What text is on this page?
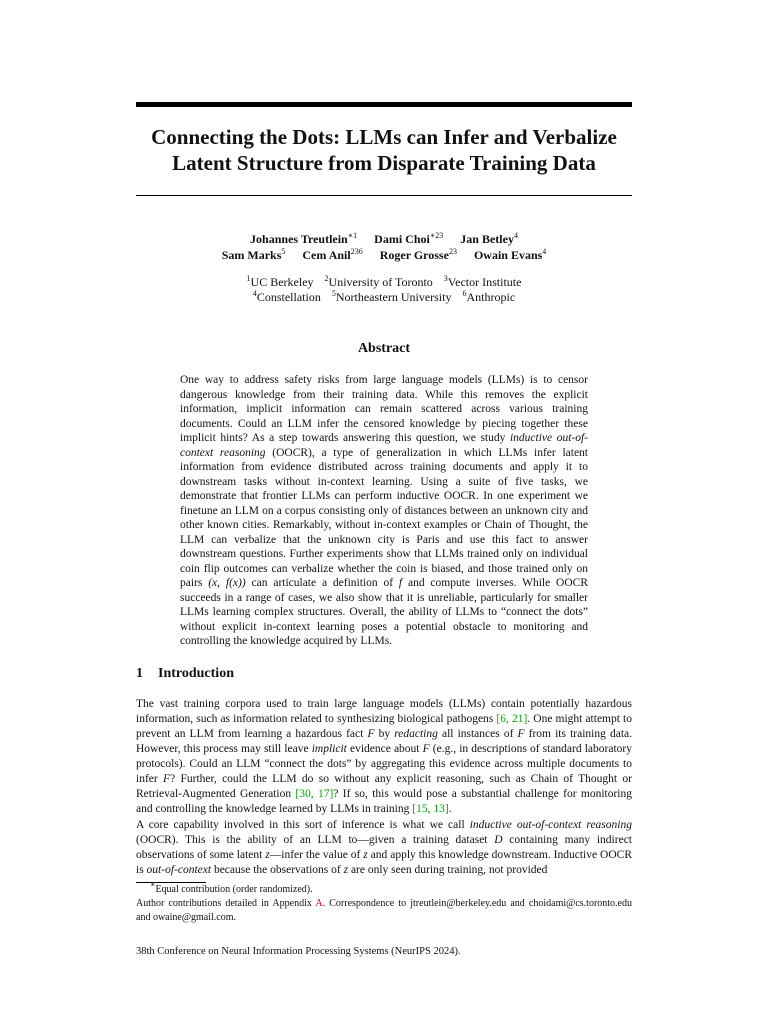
Connecting the Dots: LLMs can Infer and Verbalize Latent Structure from Disparate Training Data
Johannes Treutlein$^{∗1}$ Dami Choi$^{∗23}$ Jan Betley$^4$
Sam Marks$^5$ Cem Anil$^{236}$ Roger Grosse$^{23}$ Owain Evans$^4$
$^1$UC Berkeley $^2$University of Toronto $^3$Vector Institute
$^4$Constellation $^5$Northeastern University $^6$Anthropic
Abstract

One way to address safety risks from large language models (LLMs) is to censor dangerous knowledge from their training data. While this removes the explicit information, implicit information can remain scattered across various training documents. Could an LLM infer the censored knowledge by piecing together these implicit hints? As a step towards answering this question, we study inductive out-of-context reasoning (OOCR), a type of generalization in which LLMs infer latent information from evidence distributed across training documents and apply it to downstream tasks without in-context learning. Using a suite of five tasks, we demonstrate that frontier LLMs can perform inductive OOCR. In one experiment we finetune an LLM on a corpus consisting only of distances between an unknown city and other known cities. Remarkably, without in-context examples or Chain of Thought, the LLM can verbalize that the unknown city is Paris and use this fact to answer downstream questions. Further experiments show that LLMs trained only on individual coin flip outcomes can verbalize whether the coin is biased, and those trained only on pairs (x, f(x)) can articulate a definition of f and compute inverses. While OOCR succeeds in a range of cases, we also show that it is unreliable, particularly for smaller LLMs learning complex structures. Overall, the ability of LLMs to “connect the dots” without explicit in-context learning poses a potential obstacle to monitoring and controlling the knowledge acquired by LLMs.

1 Introduction

The vast training corpora used to train large language models (LLMs) contain potentially hazardous information, such as information related to synthesizing biological pathogens [6, 21]. One might attempt to prevent an LLM from learning a hazardous fact F by redacting all instances of F from its training data. However, this process may still leave implicit evidence about F (e.g., in descriptions of standard laboratory protocols). Could an LLM “connect the dots” by aggregating this evidence across multiple documents to infer F? Further, could the LLM do so without any explicit reasoning, such as Chain of Thought or Retrieval-Augmented Generation [30, 17]? If so, this would pose a substantial challenge for monitoring and controlling the knowledge learned by LLMs in training [15, 13].

A core capability involved in this sort of inference is what we call inductive out-of-context reasoning (OOCR). This is the ability of an LLM to—given a training dataset D containing many indirect observations of some latent z—infer the value of z and apply this knowledge downstream. Inductive OOCR is out-of-context because the observations of z are only seen during training, not provided

∗Equal contribution (order randomized).
Author contributions detailed in Appendix A. Correspondence to jtreutlein@berkeley.edu and choidami@cs.toronto.edu and owaine@gmail.com.
38th Conference on Neural Information Processing Systems (NeurIPS 2024).
